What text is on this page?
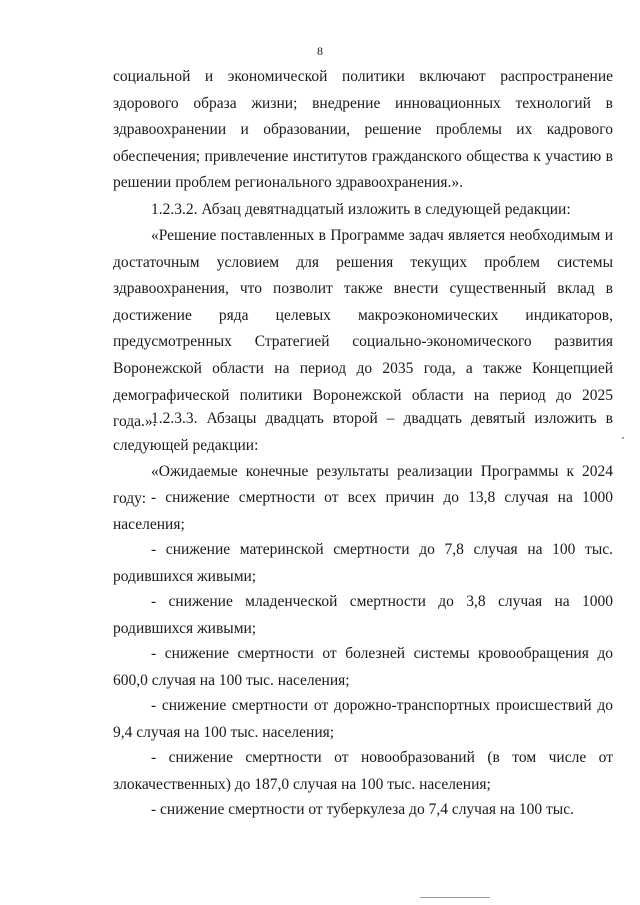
8

социальной и экономической политики включают распространение здорового образа жизни; внедрение инновационных технологий в здравоохранении и образовании, решение проблемы их кадрового обеспечения; привлечение институтов гражданского общества к участию в решении проблем регионального здравоохранения.».

1.2.3.2. Абзац девятнадцатый изложить в следующей редакции:

«Решение поставленных в Программе задач является необходимым и достаточным условием для решения текущих проблем системы здравоохранения, что позволит также внести существенный вклад в достижение ряда целевых макроэкономических индикаторов, предусмотренных Стратегией социально-экономического развития Воронежской области на период до 2035 года, а также Концепцией демографической политики Воронежской области на период до 2025 года.».

1.2.3.3. Абзацы двадцать второй – двадцать девятый изложить в следующей редакции:

«Ожидаемые конечные результаты реализации Программы к 2024 году: - снижение смертности от всех причин до 13,8 случая на 1000 населения;

- снижение материнской смертности до 7,8 случая на 100 тыс. родившихся живыми;

- снижение младенческой смертности до 3,8 случая на 1000 родившихся живыми;

- снижение смертности от болезней системы кровообращения до 600,0 случая на 100 тыс. населения;

- снижение смертности от дорожно-транспортных происшествий до 9,4 случая на 100 тыс. населения;

- снижение смертности от новообразований (в том числе от злокачественных) до 187,0 случая на 100 тыс. населения;

- снижение смертности от туберкулеза до 7,4 случая на 100 тыс.
